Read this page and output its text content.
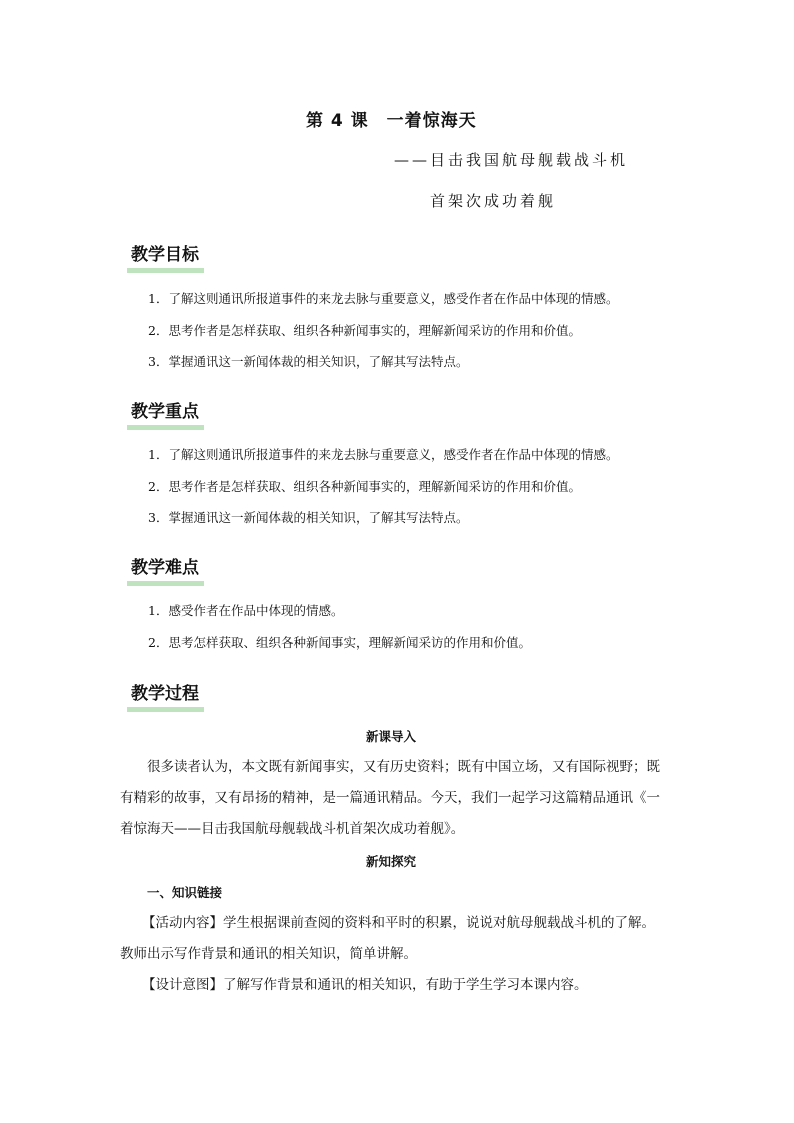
第 4 课　一着惊海天
——目击我国航母舰载战斗机
首架次成功着舰
教学目标
1．了解这则通讯所报道事件的来龙去脉与重要意义，感受作者在作品中体现的情感。
2．思考作者是怎样获取、组织各种新闻事实的，理解新闻采访的作用和价值。
3．掌握通讯这一新闻体裁的相关知识，了解其写法特点。
教学重点
1．了解这则通讯所报道事件的来龙去脉与重要意义，感受作者在作品中体现的情感。
2．思考作者是怎样获取、组织各种新闻事实的，理解新闻采访的作用和价值。
3．掌握通讯这一新闻体裁的相关知识，了解其写法特点。
教学难点
1．感受作者在作品中体现的情感。
2．思考怎样获取、组织各种新闻事实，理解新闻采访的作用和价值。
教学过程
新课导入
很多读者认为，本文既有新闻事实，又有历史资料；既有中国立场，又有国际视野；既
有精彩的故事，又有昂扬的精神，是一篇通讯精品。今天，我们一起学习这篇精品通讯《一
着惊海天——目击我国航母舰载战斗机首架次成功着舰》。
新知探究
一、知识链接
【活动内容】学生根据课前查阅的资料和平时的积累，说说对航母舰载战斗机的了解。
教师出示写作背景和通讯的相关知识，简单讲解。
【设计意图】了解写作背景和通讯的相关知识，有助于学生学习本课内容。
